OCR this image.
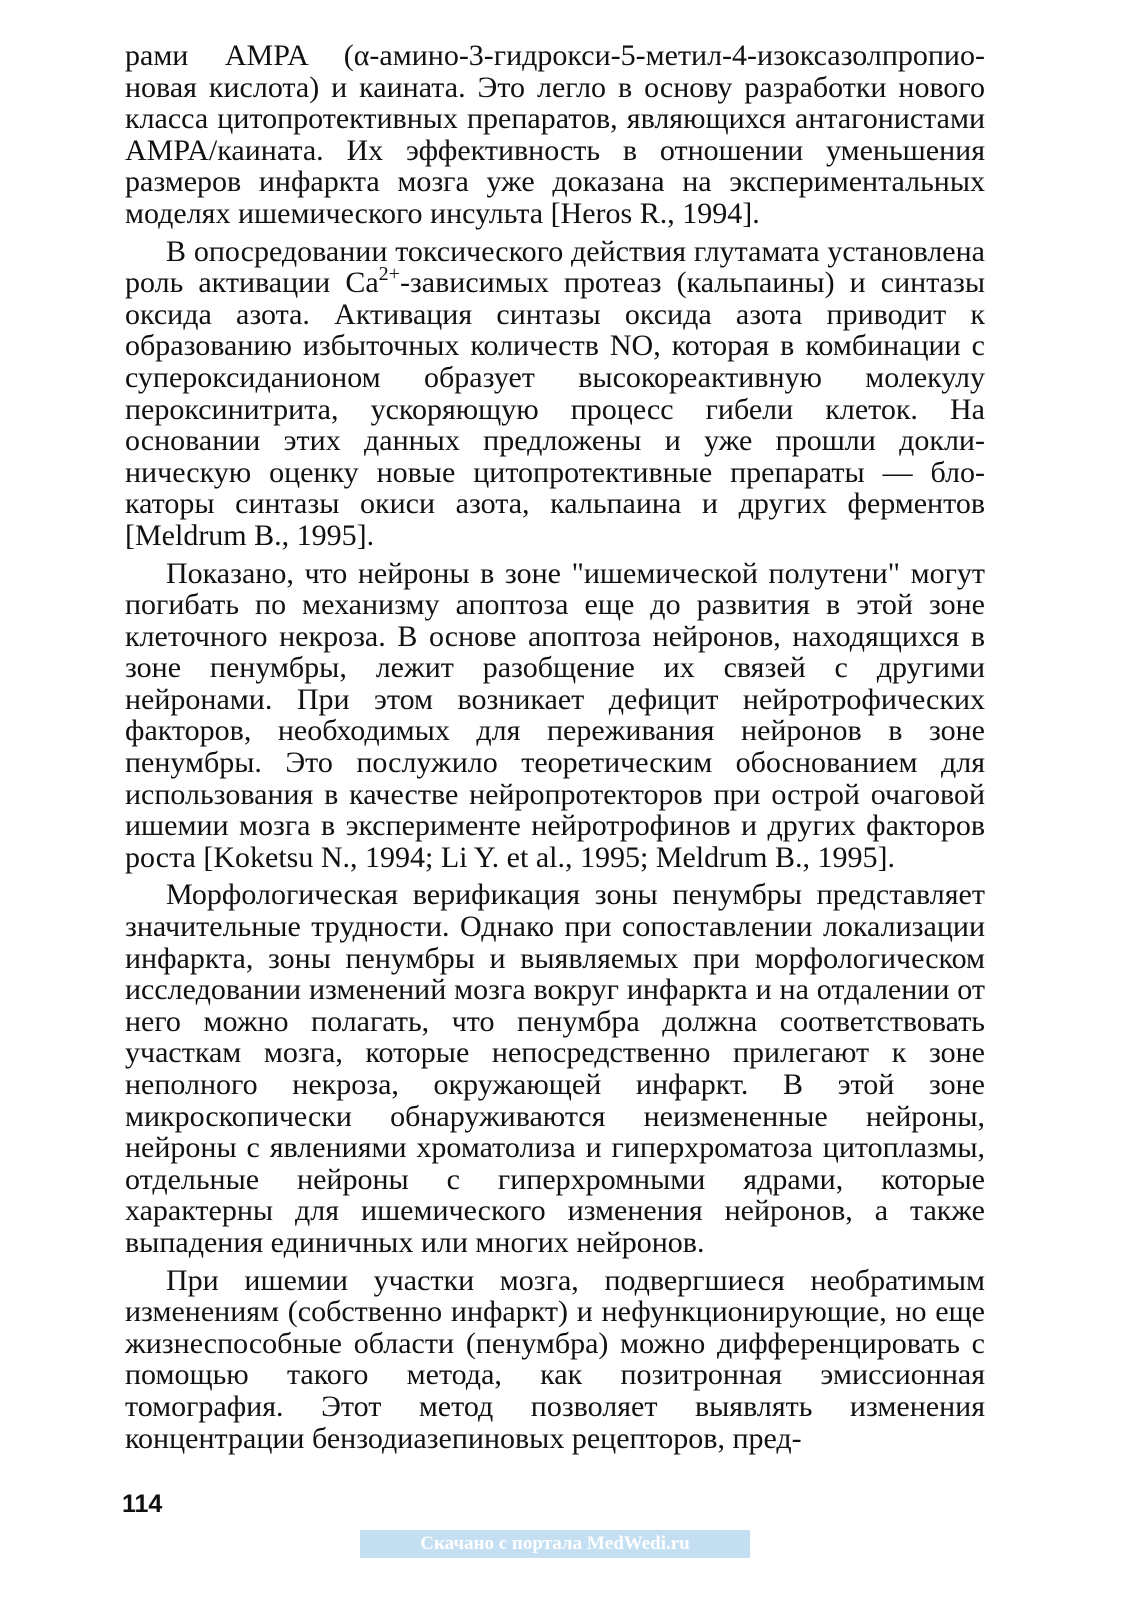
рами AMPA (α-амино-3-гидрокси-5-метил-4-изоксазолпропионовая кислота) и каината. Это легло в основу разработки нового класса цитопротективных препаратов, являющихся антагонистами AMPA/каината. Их эффективность в отношении уменьшения размеров инфаркта мозга уже доказана на экспериментальных моделях ишемического инсульта [Heros R., 1994].

В опосредовании токсического действия глутамата установлена роль активации $Ca^{2+}$-зависимых протеаз (кальпаины) и синтазы оксида азота. Активация синтазы оксида азота приводит к образованию избыточных количеств NO, которая в комбинации с супероксиданионом образует высокореактивную молекулу пероксинитрита, ускоряющую процесс гибели клеток. На основании этих данных предложены и уже прошли доклиническую оценку новые цитопротективные препараты — блокаторы синтазы окиси азота, кальпаина и других ферментов [Meldrum B., 1995].

Показано, что нейроны в зоне "ишемической полутени" могут погибать по механизму апоптоза еще до развития в этой зоне клеточного некроза. В основе апоптоза нейронов, находящихся в зоне пенумбры, лежит разобщение их связей с другими нейронами. При этом возникает дефицит нейротрофических факторов, необходимых для переживания нейронов в зоне пенумбры. Это послужило теоретическим обоснованием для использования в качестве нейропротекторов при острой очаговой ишемии мозга в эксперименте нейротрофинов и других факторов роста [Koketsu N., 1994; Li Y. et al., 1995; Meldrum B., 1995].

Морфологическая верификация зоны пенумбры представляет значительные трудности. Однако при сопоставлении локализации инфаркта, зоны пенумбры и выявляемых при морфологическом исследовании изменений мозга вокруг инфаркта и на отдалении от него можно полагать, что пенумбра должна соответствовать участкам мозга, которые непосредственно прилегают к зоне неполного некроза, окружающей инфаркт. В этой зоне микроскопически обнаруживаются неизмененные нейроны, нейроны с явлениями хроматолиза и гиперхроматоза цитоплазмы, отдельные нейроны с гиперхромными ядрами, которые характерны для ишемического изменения нейронов, а также выпадения единичных или многих нейронов.

При ишемии участки мозга, подвергшиеся необратимым изменениям (собственно инфаркт) и нефункционирующие, но еще жизнеспособные области (пенумбра) можно дифференцировать с помощью такого метода, как позитронная эмиссионная томография. Этот метод позволяет выявлять изменения концентрации бензодиазепиновых рецепторов, пред-

114
Скачано с портала MedWedi.ru
